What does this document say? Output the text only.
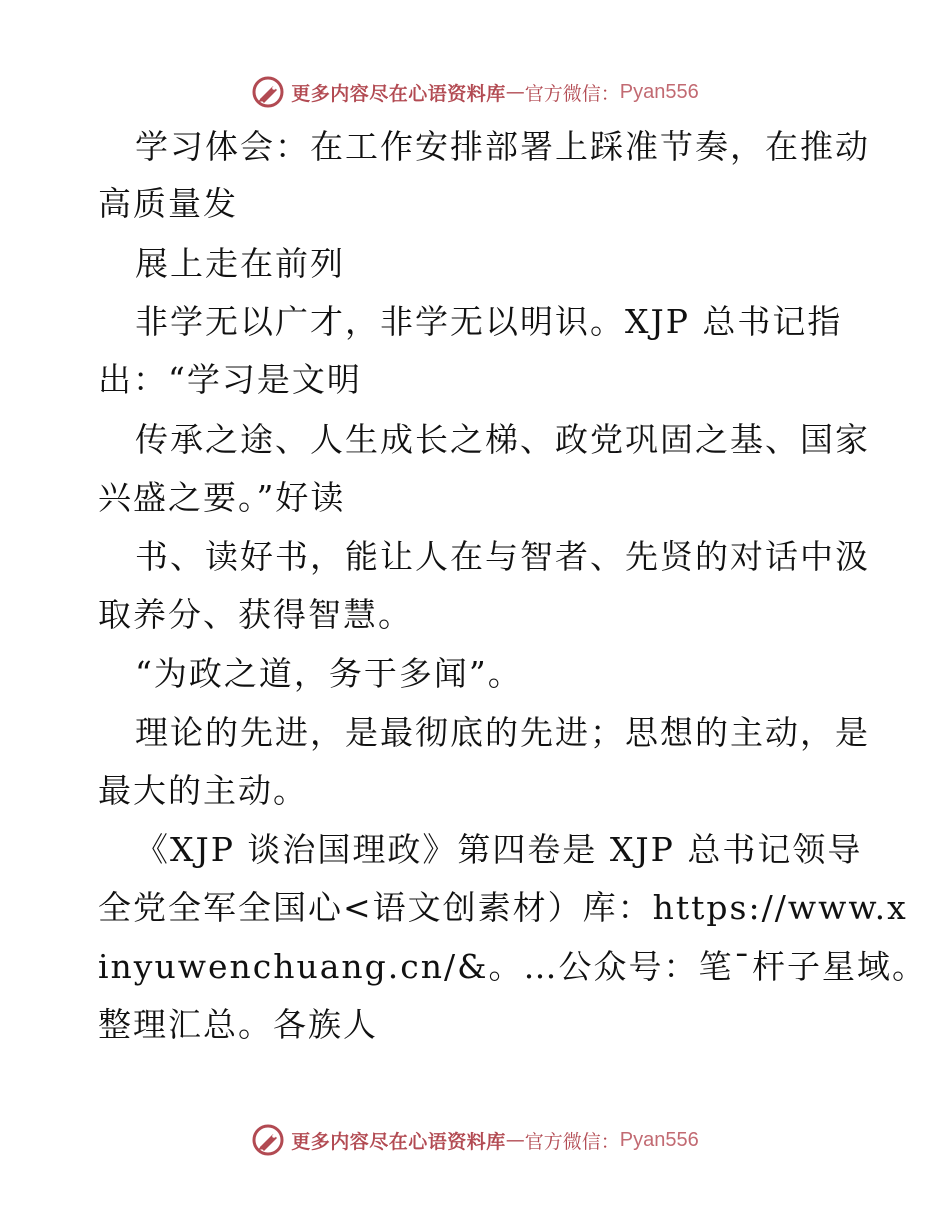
更多内容尽在心语资料库 — 官方微信： Pyan556
学习体会：在工作安排部署上踩准节奏，在推动
高质量发
展上走在前列
非学无以广才，非学无以明识。XJP 总书记指
出：“学习是文明
传承之途、人生成长之梯、政党巩固之基、国家
兴盛之要。”好读
书、读好书，能让人在与智者、先贤的对话中汲
取养分、获得智慧。
“为政之道，务于多闻”。
理论的先进，是最彻底的先进；思想的主动，是
最大的主动。
《XJP 谈治国理政》第四卷是 XJP 总书记领导
全党全军全国心<语文创素材）库：https://www.x
inyuwenchuang.cn/&。…公众号：笔¯杆子星域。
整理汇总。各族人
更多内容尽在心语资料库 — 官方微信： Pyan556
